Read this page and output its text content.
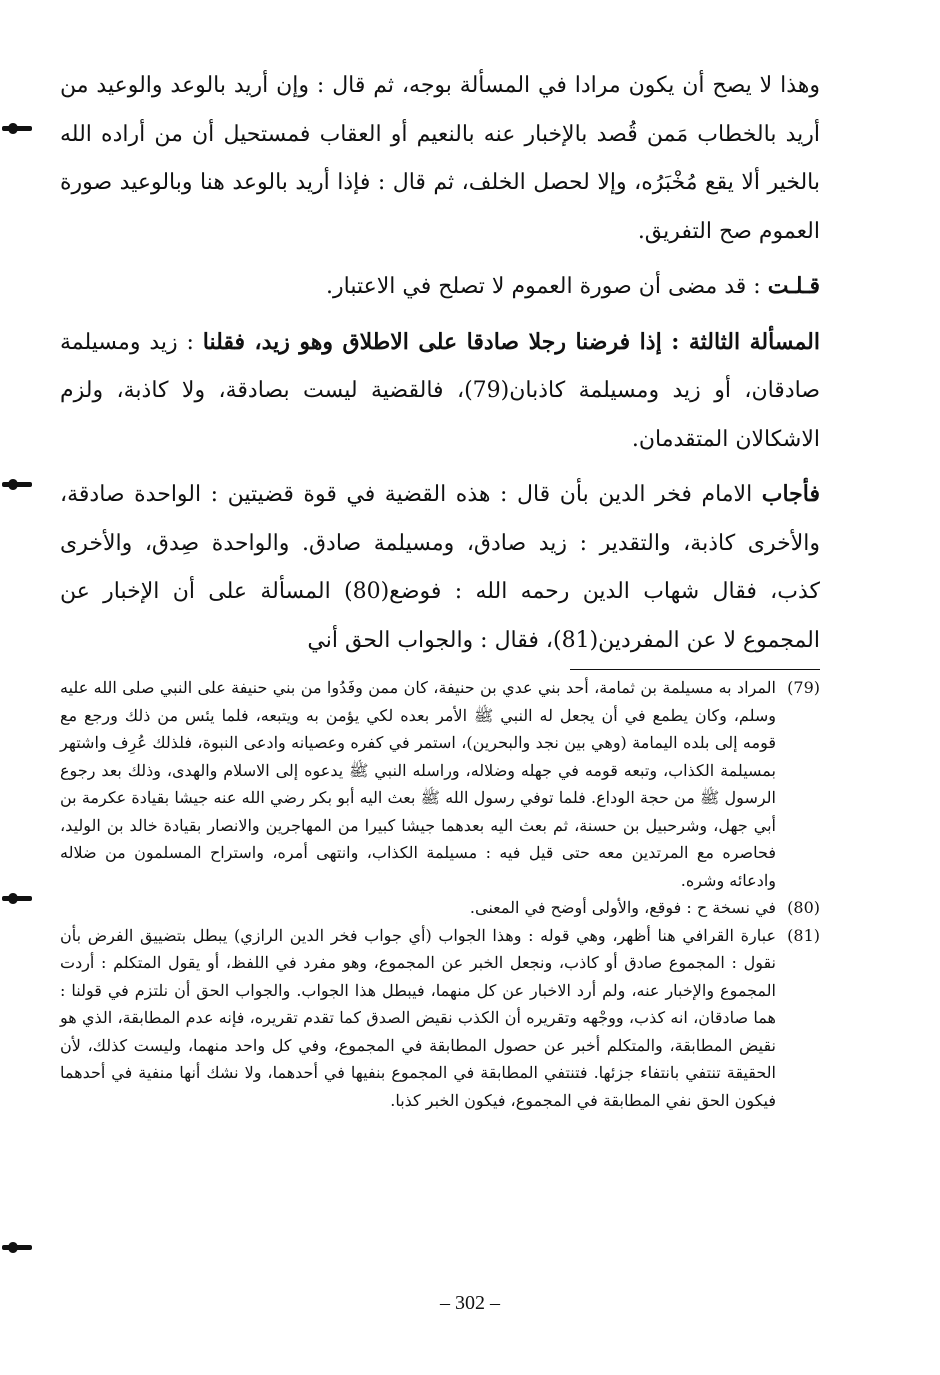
وهذا لا يصح أن يكون مرادا في المسألة بوجه، ثم قال : وإن أريد بالوعد والوعيد من أريد بالخطاب مَمن قُصد بالإخبار عنه بالنعيم أو العقاب فمستحيل أن من أراده الله بالخير ألا يقع مُخْبَرُه، وإلا لحصل الخلف، ثم قال : فإذا أريد بالوعد هنا وبالوعيد صورة العموم صح التفريق.

قـلـت : قد مضى أن صورة العموم لا تصلح في الاعتبار.

المسألة الثالثة : إذا فرضنا رجلا صادقا على الاطلاق وهو زيد، فقلنا : زيد ومسيلمة صادقان، أو زيد ومسيلمة كاذبان(79)، فالقضية ليست بصادقة، ولا كاذبة، ولزم الاشكالان المتقدمان.

فأجاب الامام فخر الدين بأن قال : هذه القضية في قوة قضيتين : الواحدة صادقة، والأخرى كاذبة، والتقدير : زيد صادق، ومسيلمة صادق. والواحدة صِدق، والأخرى كذب، فقال شهاب الدين رحمه الله : فوضع(80) المسألة على أن الإخبار عن المجموع لا عن المفردين(81)، فقال : والجواب الحق أني

(79)
المراد به مسيلمة بن ثمامة، أحد بني عدي بن حنيفة، كان ممن وفَدُوا من بني حنيفة على النبي صلى الله عليه وسلم، وكان يطمع في أن يجعل له النبي ﷺ الأمر بعده لكي يؤمن به ويتبعه، فلما يئس من ذلك ورجع مع قومه إلى بلده اليمامة (وهي بين نجد والبحرين)، استمر في كفره وعصيانه وادعى النبوة، فلذلك عُرِف واشتهر بمسيلمة الكذاب، وتبعه قومه في جهله وضلاله، وراسله النبي ﷺ يدعوه إلى الاسلام والهدى، وذلك بعد رجوع الرسول ﷺ من حجة الوداع. فلما توفي رسول الله ﷺ بعث اليه أبو بكر رضي الله عنه جيشا بقيادة عكرمة بن أبي جهل، وشرحبيل بن حسنة، ثم بعث اليه بعدهما جيشا كبيرا من المهاجرين والانصار بقيادة خالد بن الوليد، فحاصره مع المرتدين معه حتى قيل فيه : مسيلمة الكذاب، وانتهى أمره، واستراح المسلمون من ضلاله وادعائه وشره.
(80)
في نسخة ح : فوقع، والأولى أوضح في المعنى.
(81)
عبارة القرافي هنا أظهر، وهي قوله : وهذا الجواب (أي جواب فخر الدين الرازي) يبطل بتضييق الفرض بأن نقول : المجموع صادق أو كاذب، ونجعل الخبر عن المجموع، وهو مفرد في اللفظ، أو يقول المتكلم : أردت المجموع والإخبار عنه، ولم أرد الاخبار عن كل منهما، فيبطل هذا الجواب. والجواب الحق أن نلتزم في قولنا : هما صادقان، انه كذب، ووجْهه وتقريره أن الكذب نقيض الصدق كما تقدم تقريره، فإنه عدم المطابقة، الذي هو نقيض المطابقة، والمتكلم أخبر عن حصول المطابقة في المجموع، وفي كل واحد منهما، وليست كذلك، لأن الحقيقة تنتفي بانتفاء جزئها. فتنتفي المطابقة في المجموع بنفيها في أحدهما، ولا نشك أنها منفية في أحدهما فيكون الحق نفي المطابقة في المجموع، فيكون الخبر كذبا.
– 302 –
